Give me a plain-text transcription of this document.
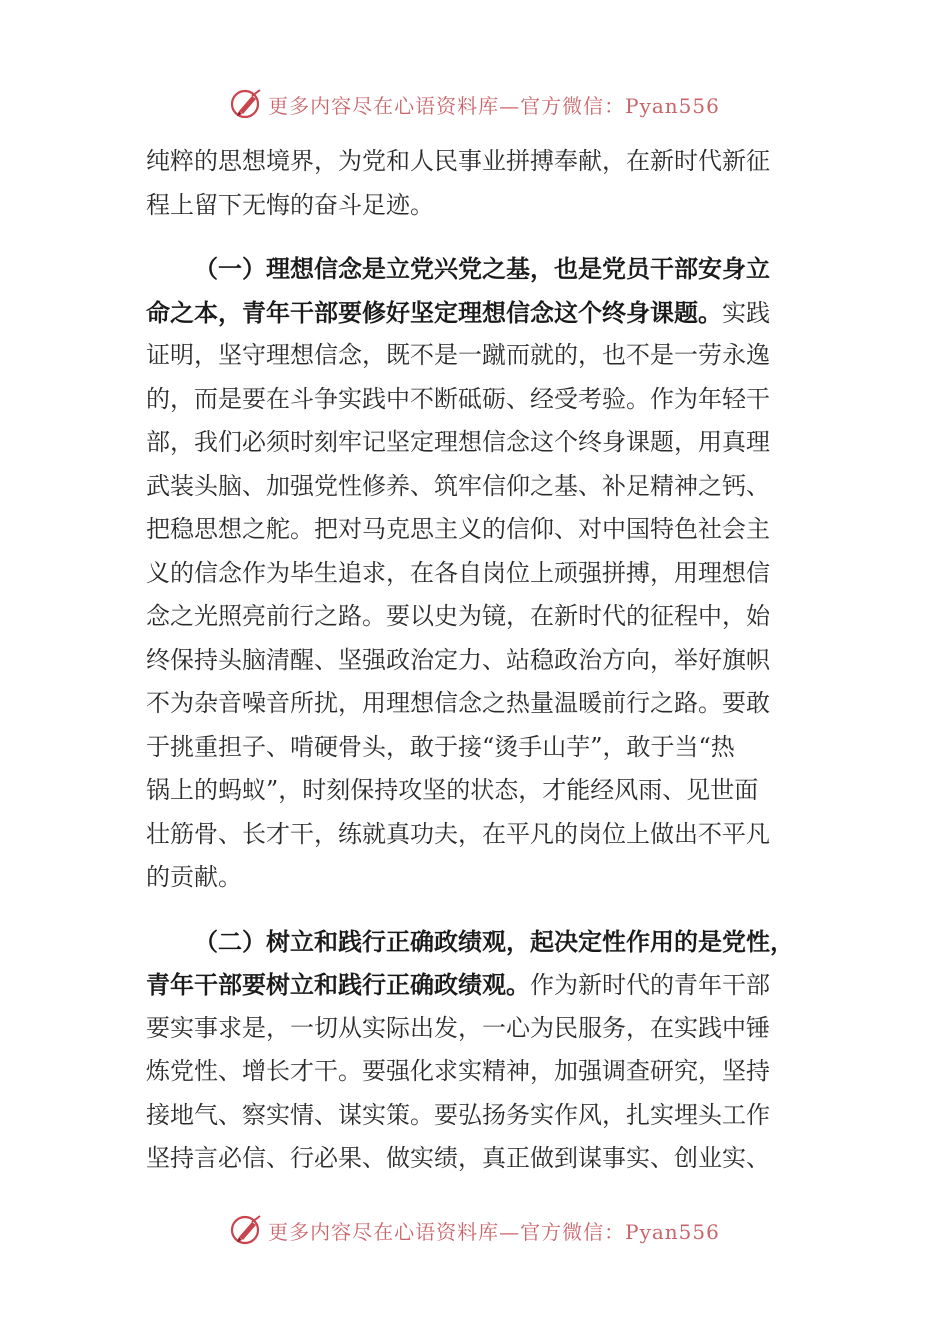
更多内容尽在心语资料库—官方微信：Pyan556
纯粹的思想境界，为党和人民事业拼搏奉献，在新时代新征
程上留下无悔的奋斗足迹。
（一）理想信念是立党兴党之基，也是党员干部安身立
命之本，青年干部要修好坚定理想信念这个终身课题。实践
证明，坚守理想信念，既不是一蹴而就的，也不是一劳永逸
的，而是要在斗争实践中不断砥砺、经受考验。作为年轻干
部，我们必须时刻牢记坚定理想信念这个终身课题，用真理
武装头脑、加强党性修养、筑牢信仰之基、补足精神之钙、
把稳思想之舵。把对马克思主义的信仰、对中国特色社会主
义的信念作为毕生追求，在各自岗位上顽强拼搏，用理想信
念之光照亮前行之路。要以史为镜，在新时代的征程中，始
终保持头脑清醒、坚强政治定力、站稳政治方向，举好旗帜
不为杂音噪音所扰，用理想信念之热量温暖前行之路。要敢
于挑重担子、啃硬骨头，敢于接“烫手山芋”，敢于当“热
锅上的蚂蚁”，时刻保持攻坚的状态，才能经风雨、见世面
壮筋骨、长才干，练就真功夫，在平凡的岗位上做出不平凡
的贡献。
（二）树立和践行正确政绩观，起决定性作用的是党性，
青年干部要树立和践行正确政绩观。作为新时代的青年干部
要实事求是，一切从实际出发，一心为民服务，在实践中锤
炼党性、增长才干。要强化求实精神，加强调查研究，坚持
接地气、察实情、谋实策。要弘扬务实作风，扎实埋头工作
坚持言必信、行必果、做实绩，真正做到谋事实、创业实、
更多内容尽在心语资料库—官方微信：Pyan556
